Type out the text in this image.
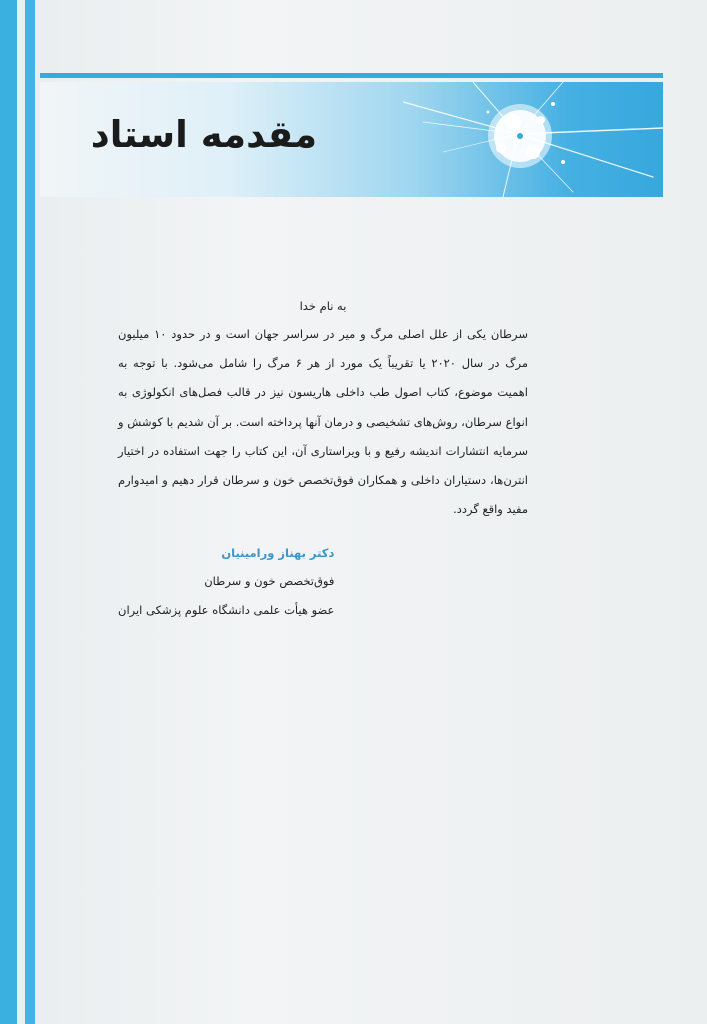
مقدمه استاد
به نام خدا
سرطان یکی از علل اصلی مرگ و میر در سراسر جهان است و در حدود ۱۰ میلیون مرگ در سال ۲۰۲۰ یا تقریباً یک مورد از هر ۶ مرگ را شامل می‌شود. با توجه به اهمیت موضوع، کتاب اصول طب داخلی هاریسون نیز در قالب فصل‌های انکولوژی به انواع سرطان، روش‌های تشخیصی و درمان آنها پرداخته است. بر آن شدیم با کوشش و سرمایه انتشارات اندیشه رفیع و با ویراستاری آن، این کتاب را جهت استفاده در اختیار انترن‌ها، دستیاران داخلی و همکاران فوق‌تخصص خون و سرطان قرار دهیم و امیدوارم مفید واقع گردد.
دکتر بهناز ورامینیان
فوق‌تخصص خون و سرطان
عضو هیأت علمی دانشگاه علوم پزشکی ایران
